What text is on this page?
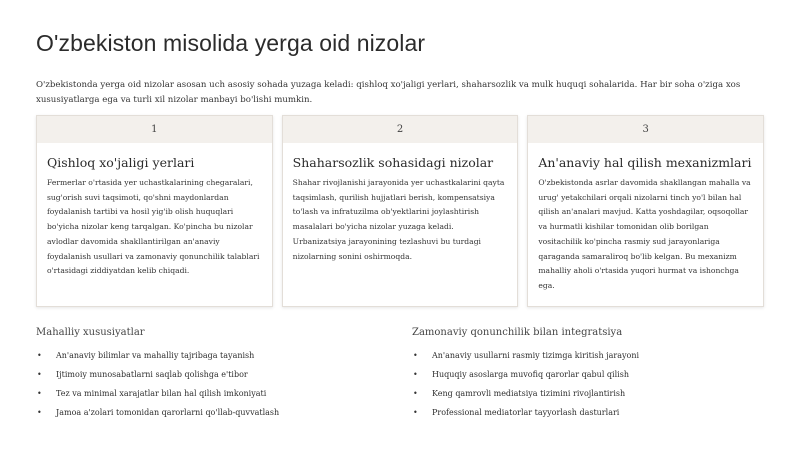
O'zbekiston misolida yerga oid nizolar
O'zbekistonda yerga oid nizolar asosan uch asosiy sohada yuzaga keladi: qishloq xo'jaligi yerlari, shaharsozlik va mulk huquqi sohalarida. Har bir soha o'ziga xos xususiyatlarga ega va turli xil nizolar manbayi bo'lishi mumkin.
1
Qishloq xo'jaligi yerlari
Fermerlar o'rtasida yer uchastkalarining chegaralari, sug'orish suvi taqsimoti, qo'shni maydonlardan foydalanish tartibi va hosil yig'ib olish huquqlari bo'yicha nizolar keng tarqalgan. Ko'pincha bu nizolar avlodlar davomida shakllantirilgan an'anaviy foydalanish usullari va zamonaviy qonunchilik talablari o'rtasidagi ziddiyatdan kelib chiqadi.
2
Shaharsozlik sohasidagi nizolar
Shahar rivojlanishi jarayonida yer uchastkalarini qayta taqsimlash, qurilish hujjatlari berish, kompensatsiya to'lash va infratuzilma ob'yektlarini joylashtirish masalalari bo'yicha nizolar yuzaga keladi. Urbanizatsiya jarayonining tezlashuvi bu turdagi nizolarning sonini oshirmoqda.
3
An'anaviy hal qilish mexanizmlari
O'zbekistonda asrlar davomida shakllangan mahalla va urug' yetakchilari orqali nizolarni tinch yo'l bilan hal qilish an'analari mavjud. Katta yoshdagilar, oqsoqollar va hurmatli kishilar tomonidan olib borilgan vositachilik ko'pincha rasmiy sud jarayonlariga qaraganda samaraliroq bo'lib kelgan. Bu mexanizm mahalliy aholi o'rtasida yuqori hurmat va ishonchga ega.
Mahalliy xususiyatlar
• An'anaviy bilimlar va mahalliy tajribaga tayanish
• Ijtimoiy munosabatlarni saqlab qolishga e'tibor
• Tez va minimal xarajatlar bilan hal qilish imkoniyati
• Jamoa a'zolari tomonidan qarorlarni qo'llab-quvvatlash
Zamonaviy qonunchilik bilan integratsiya
• An'anaviy usullarni rasmiy tizimga kiritish jarayoni
• Huquqiy asoslarga muvofiq qarorlar qabul qilish
• Keng qamrovli mediatsiya tizimini rivojlantirish
• Professional mediatorlar tayyorlash dasturlari
